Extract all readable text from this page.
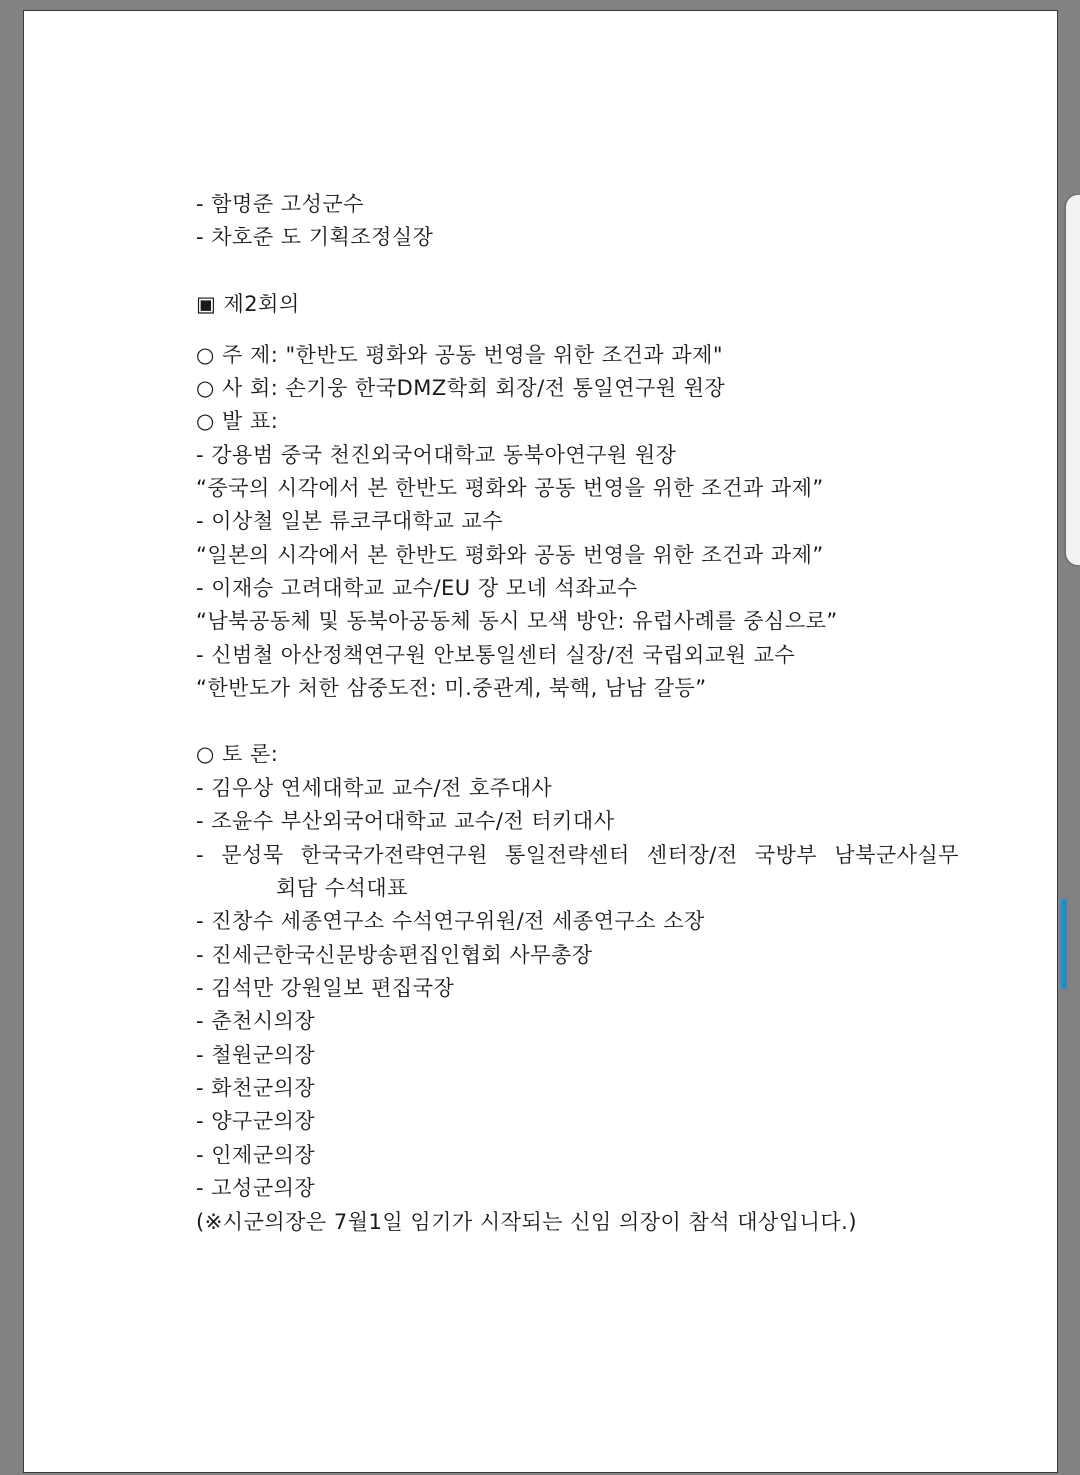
- 함명준 고성군수
- 차호준 도 기획조정실장
▣ 제2회의
○ 주 제: "한반도 평화와 공동 번영을 위한 조건과 과제"
○ 사 회: 손기웅 한국DMZ학회 회장/전 통일연구원 원장
○ 발 표:
- 강용범 중국 천진외국어대학교 동북아연구원 원장
“중국의 시각에서 본 한반도 평화와 공동 번영을 위한 조건과 과제”
- 이상철 일본 류코쿠대학교 교수
“일본의 시각에서 본 한반도 평화와 공동 번영을 위한 조건과 과제”
- 이재승 고려대학교 교수/EU 장 모네 석좌교수
“남북공동체 및 동북아공동체 동시 모색 방안: 유럽사례를 중심으로”
- 신범철 아산정책연구원 안보통일센터 실장/전 국립외교원 교수
“한반도가 처한 삼중도전: 미.중관계, 북핵, 남남 갈등”
○ 토 론:
- 김우상 연세대학교 교수/전 호주대사
- 조윤수 부산외국어대학교 교수/전 터키대사
- 문성묵 한국국가전략연구원 통일전략센터 센터장/전 국방부 남북군사실무
회담 수석대표
- 진창수 세종연구소 수석연구위원/전 세종연구소 소장
- 진세근한국신문방송편집인협회 사무총장
- 김석만 강원일보 편집국장
- 춘천시의장
- 철원군의장
- 화천군의장
- 양구군의장
- 인제군의장
- 고성군의장
(※시군의장은 7월1일 임기가 시작되는 신임 의장이 참석 대상입니다.)
